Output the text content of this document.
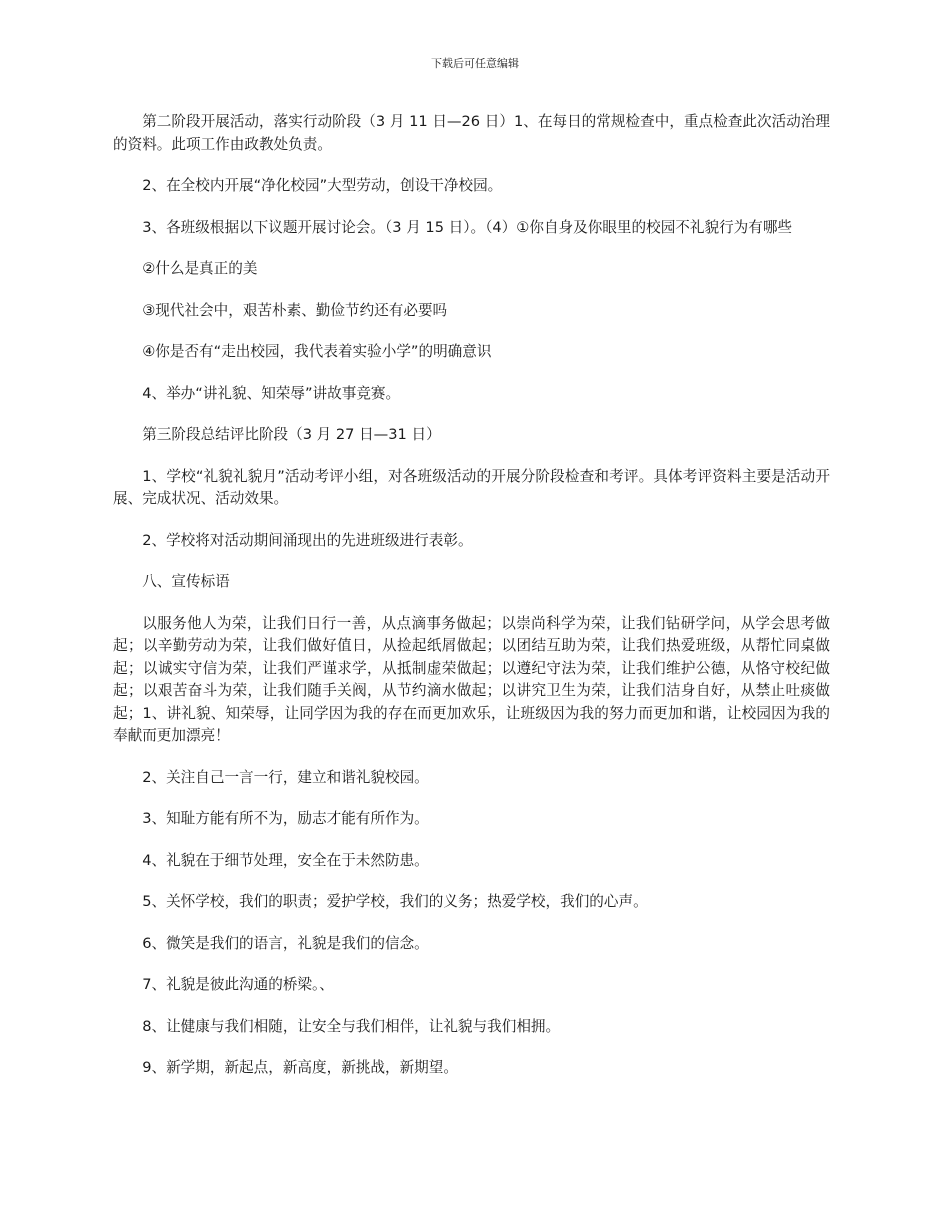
下载后可任意编辑

第二阶段开展活动，落实行动阶段（3 月 11 日—26 日）1、在每日的常规检查中，重点检查此次活动治理的资料。此项工作由政教处负责。

2、在全校内开展“净化校园”大型劳动，创设干净校园。

3、各班级根据以下议题开展讨论会。（3 月 15 日）。（4）①你自身及你眼里的校园不礼貌行为有哪些

②什么是真正的美

③现代社会中，艰苦朴素、勤俭节约还有必要吗

④你是否有“走出校园，我代表着实验小学”的明确意识

4、举办“讲礼貌、知荣辱”讲故事竞赛。

第三阶段总结评比阶段（3 月 27 日—31 日）

1、学校“礼貌礼貌月”活动考评小组，对各班级活动的开展分阶段检查和考评。具体考评资料主要是活动开展、完成状况、活动效果。

2、学校将对活动期间涌现出的先进班级进行表彰。

八、宣传标语

以服务他人为荣，让我们日行一善，从点滴事务做起；以崇尚科学为荣，让我们钻研学问，从学会思考做起；以辛勤劳动为荣，让我们做好值日，从捡起纸屑做起；以团结互助为荣，让我们热爱班级，从帮忙同桌做起；以诚实守信为荣，让我们严谨求学，从抵制虚荣做起；以遵纪守法为荣，让我们维护公德，从恪守校纪做起；以艰苦奋斗为荣，让我们随手关阀，从节约滴水做起；以讲究卫生为荣，让我们洁身自好，从禁止吐痰做起；1、讲礼貌、知荣辱，让同学因为我的存在而更加欢乐，让班级因为我的努力而更加和谐，让校园因为我的奉献而更加漂亮！

2、关注自己一言一行，建立和谐礼貌校园。

3、知耻方能有所不为，励志才能有所作为。

4、礼貌在于细节处理，安全在于未然防患。

5、关怀学校，我们的职责；爱护学校，我们的义务；热爱学校，我们的心声。

6、微笑是我们的语言，礼貌是我们的信念。

7、礼貌是彼此沟通的桥梁。、

8、让健康与我们相随，让安全与我们相伴，让礼貌与我们相拥。

9、新学期，新起点，新高度，新挑战，新期望。
